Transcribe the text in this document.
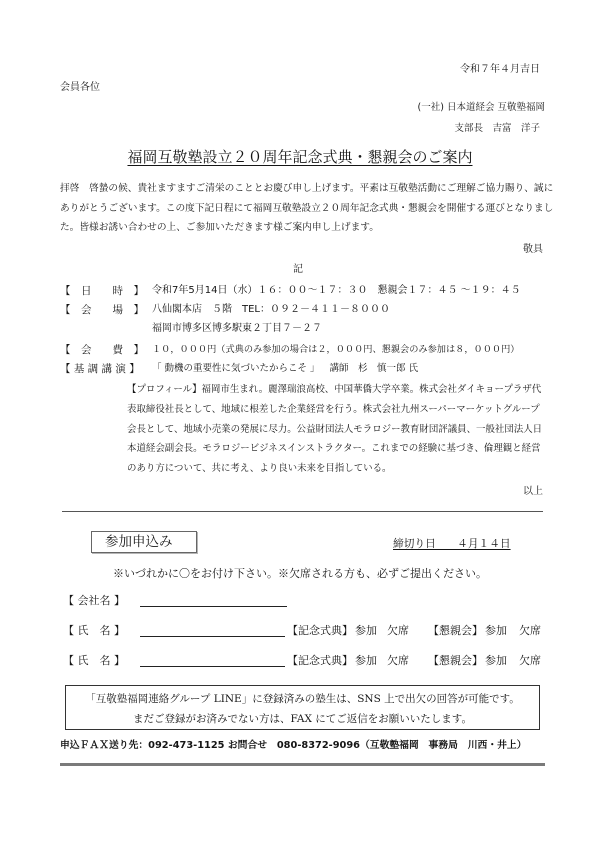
令和７年４月吉日
会員各位
(一社) 日本道経会 互敬塾福岡
支部長　吉富　洋子
福岡互敬塾設立２０周年記念式典・懇親会のご案内
拝啓　啓蟄の候、貴社ますますご清栄のこととお慶び申し上げます。平素は互敬塾活動にご理解ご協力賜り、誠に
ありがとうございます。この度下記日程にて福岡互敬塾設立２０周年記念式典・懇親会を開催する運びとなりまし
た。皆様お誘い合わせの上、ご参加いただきます様ご案内申し上げます。
敬具
記
【　日　　時　】 令和7年5月14日（水）１６：００～１７：３０　懇親会１７：４５ ～１９：４５
【　会　　場　】 八仙閣本店　５階　TEL：０９２－４１１－８０００
福岡市博多区博多駅東２丁目７－２７
【　会　　費　】 １０，０００円（式典のみ参加の場合は２，０００円、懇親会のみ参加は８，０００円）
【 基 調 講 演 】	「 動機の重要性に気づいたからこそ 」 講師　杉　慎一郎 氏
【プロフィール】福岡市生まれ。麗澤瑞浪高校、中国華僑大学卒業。株式会社ダイキョープラザ代
表取締役社長として、地域に根差した企業経営を行う。株式会社九州スーパーマーケットグループ
会長として、地域小売業の発展に尽力。公益財団法人モラロジー教育財団評議員、一般社団法人日
本道経会副会長。モラロジービジネスインストラクター。これまでの経験に基づき、倫理観と経営
のあり方について、共に考え、より良い未来を目指している。
以上
参加申込み	締切り日　　４月１４日
※いづれかに〇をお付け下さい。※欠席される方も、必ずご提出ください。
【 会社名 】
【 氏　名 】	【記念式典】 参加 欠席 【懇親会】 参加 欠席
【 氏　名 】	【記念式典】 参加 欠席 【懇親会】 参加 欠席
「互敬塾福岡連絡グループ LINE」に登録済みの塾生は、SNS 上で出欠の回答が可能です。
まだご登録がお済みでない方は、FAX にてご返信をお願いいたします。
申込ＦＡＸ送り先：092-473-1125 お問合せ　080-8372-9096（互敬塾福岡　事務局　川西・井上）
